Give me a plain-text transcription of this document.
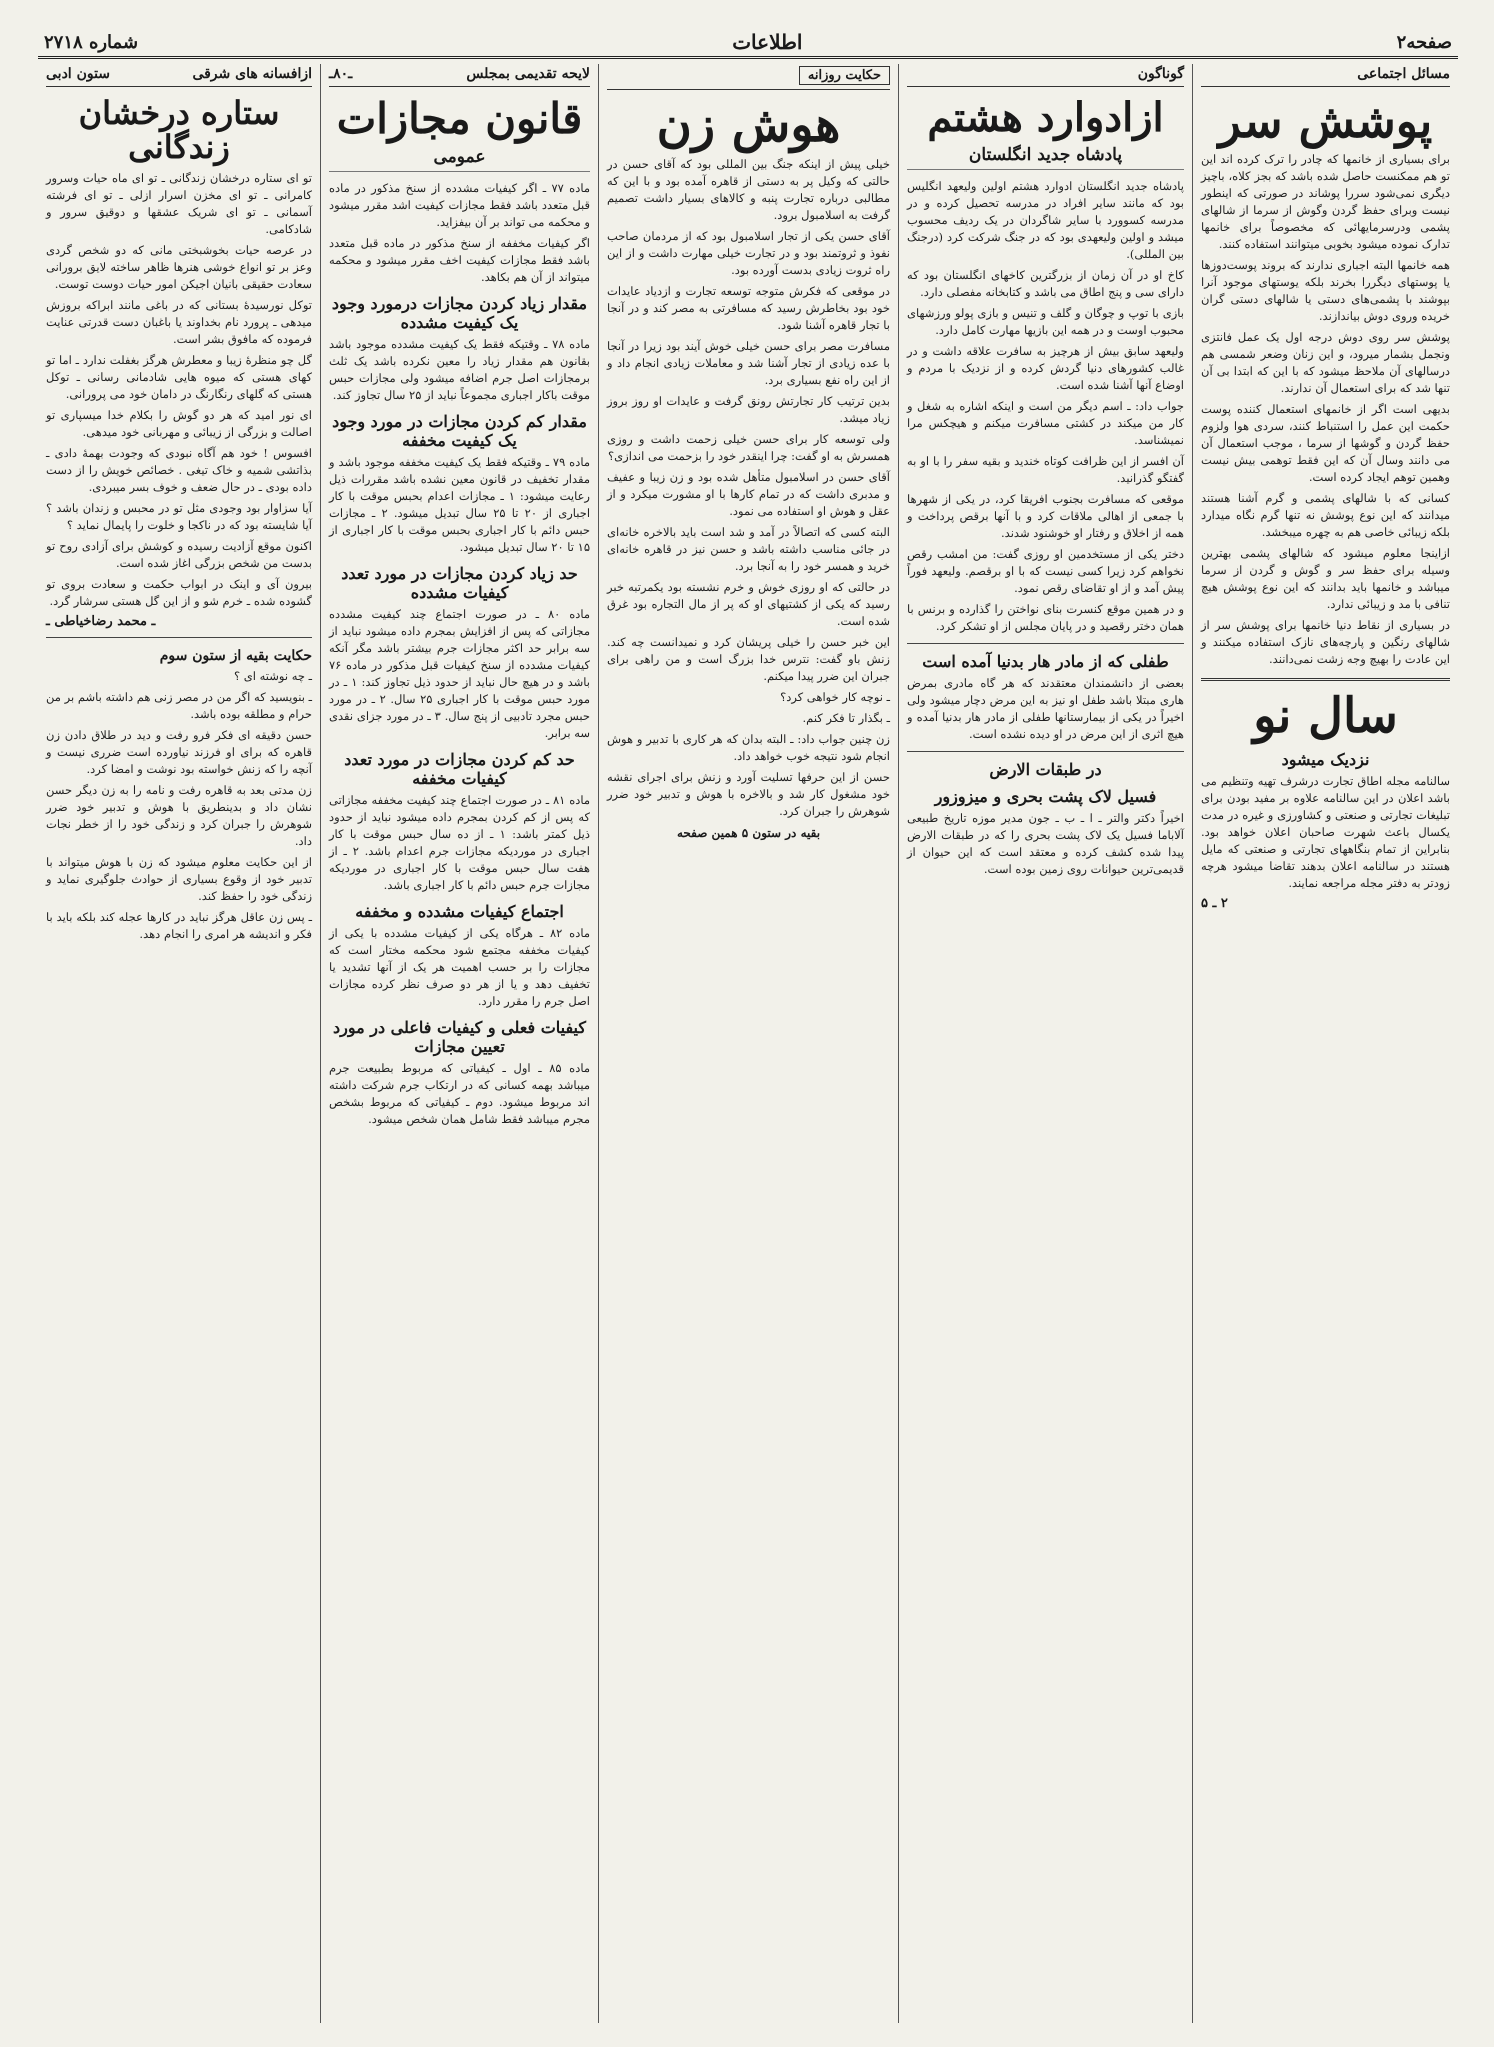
صفحه۲
اطلاعات
شماره ۲۷۱۸
مسائل اجتماعی
پوشش سر

برای بسیاری از خانمها که چادر را ترک کرده اند این تو هم ممکنست حاصل شده باشد که بجز کلاه، باچیز دیگری نمی‌شود سررا پوشاند در صورتی که اینطور نیست وبرای حفظ گردن وگوش از سرما از شالهای پشمی ودرسرمایهائی که مخصوصاً برای خانمها تدارک نموده میشود بخوبی میتوانند استفاده کنند.

همه خانمها البته اجباری ندارند که بروند پوست‌دوزها یا پوستهای دیگررا بخرند بلکه یوستهای موجود آنرا بپوشند با پشمی‌های دستی یا شالهای دستی گران خریده وروی دوش بیاندازند.

پوشش سر روی دوش درجه اول یک عمل فانتزی ونجمل بشمار میرود، و این زنان وضعر شمسی هم درسالهای آن ملاحظ میشود که با این که ابتدا بی آن تنها شد که برای استعمال آن ندارند.

بدیهی است اگر از خانمهای استعمال کننده پوست حکمت این عمل را استنباط کنند، سردی هوا ولزوم حفظ گردن و گوشها از سرما ، موجب استعمال آن می دانند وسال آن که این فقط توهمی بیش نیست وهمین توهم ایجاد کرده است.

کسانی که با شالهای پشمی و گرم آشنا هستند میدانند که این نوع پوشش نه تنها گرم نگاه میدارد بلکه زیبائی خاصی هم به چهره میبخشد.

ازاینجا معلوم میشود که شالهای پشمی بهترین وسیله برای حفظ سر و گوش و گردن از سرما میباشد و خانمها باید بدانند که این نوع پوشش هیچ تنافی با مد و زیبائی ندارد.

در بسیاری از نقاط دنیا خانمها برای پوشش سر از شالهای رنگین و پارچه‌های نازک استفاده میکنند و این عادت را بهیچ وجه زشت نمی‌دانند.

سال نو
نزدیک میشود

سالنامه مجله اطاق تجارت درشرف تهیه وتنظیم می باشد اعلان در این سالنامه علاوه بر مفید بودن برای تبلیغات تجارتی و صنعتی و کشاورزی و غیره در مدت یکسال باعث شهرت صاحبان اعلان خواهد بود. بنابراین از تمام بنگاههای تجارتی و صنعتی که مایل هستند در سالنامه اعلان بدهند تقاضا میشود هرچه زودتر به دفتر مجله مراجعه نمایند.

۲ ـ ۵
گوناگون
ازادوارد هشتم
پادشاه جدید انگلستان

پادشاه جدید انگلستان ادوارد هشتم اولین ولیعهد انگلیس بود که مانند سایر افراد در مدرسه تحصیل کرده و در مدرسه کسوورد با سایر شاگردان در یک ردیف محسوب میشد و اولین ولیعهدی بود که در جنگ شرکت کرد (درجنگ بین المللی).

کاخ او در آن زمان از بزرگترین کاخهای انگلستان بود که دارای سی و پنج اطاق می باشد و کتابخانه مفصلی دارد.

بازی با توپ و چوگان و گلف و تنیس و بازی پولو ورزشهای محبوب اوست و در همه این بازیها مهارت کامل دارد.

ولیعهد سابق بیش از هرچیز به سافرت علاقه داشت و در غالب کشورهای دنیا گردش کرده و از نزدیک با مردم و اوضاع آنها آشنا شده است.

جواب داد: ـ اسم دیگر من است و اینکه اشاره به شغل و کار من میکند در کشتی مسافرت میکنم و هیچکس مرا نمیشناسد.

آن افسر از این ظرافت کوتاه خندید و بقیه سفر را با او به گفتگو گذرانید.

موقعی که مسافرت بجنوب افریقا کرد، در یکی از شهرها با جمعی از اهالی ملاقات کرد و با آنها برقص پرداخت و همه از اخلاق و رفتار او خوشنود شدند.

دختر یکی از مستخدمین او روزی گفت: من امشب رقص نخواهم کرد زیرا کسی نیست که با او برقصم. ولیعهد فوراً پیش آمد و از او تقاضای رقص نمود.

و در همین موقع کنسرت بنای نواختن را گذارده و برنس با همان دختر رقصید و در پایان مجلس از او تشکر کرد.

طفلی که از مادر هار بدنیا آمده است

بعضی از دانشمندان معتقدند که هر گاه مادری بمرض هاری مبتلا باشد طفل او نیز به این مرض دچار میشود ولی اخیراً در یکی از بیمارستانها طفلی از مادر هار بدنیا آمده و هیچ اثری از این مرض در او دیده نشده است.

در طبقات الارض
فسیل لاک پشت بحری و میزوزور

اخیراً دکتر والتر ـ ا ـ ب ـ جون مدیر موزه تاریخ طبیعی آلاباما فسیل یک لاک پشت بحری را که در طبقات الارض پیدا شده کشف کرده و معتقد است که این حیوان از قدیمی‌ترین حیوانات روی زمین بوده است.

حکایت روزانه
هوش زن

خیلی پیش از اینکه جنگ بین المللی بود که آقای حسن در حالتی که وکیل پر به دستی از قاهره آمده بود و با این که مطالبی درباره تجارت پنبه و کالاهای بسیار داشت تصمیم گرفت به اسلامبول برود.

آقای حسن یکی از تجار اسلامبول بود که از مردمان صاحب نفوذ و ثروتمند بود و در تجارت خیلی مهارت داشت و از این راه ثروت زیادی بدست آورده بود.

در موقعی که فکرش متوجه توسعه تجارت و ازدیاد عایدات خود بود بخاطرش رسید که مسافرتی به مصر کند و در آنجا با تجار قاهره آشنا شود.

مسافرت مصر برای حسن خیلی خوش آیند بود زیرا در آنجا با عده زیادی از تجار آشنا شد و معاملات زیادی انجام داد و از این راه نفع بسیاری برد.

بدین ترتیب کار تجارتش رونق گرفت و عایدات او روز بروز زیاد میشد.

ولی توسعه کار برای حسن خیلی زحمت داشت و روزی همسرش به او گفت: چرا اینقدر خود را بزحمت می اندازی؟

آقای حسن در اسلامبول متأهل شده بود و زن زیبا و عفیف و مدبری داشت که در تمام کارها با او مشورت میکرد و از عقل و هوش او استفاده می نمود.

البته کسی که اتصالاً در آمد و شد است باید بالاخره خانه‌ای در جائی مناسب داشته باشد و حسن نیز در قاهره خانه‌ای خرید و همسر خود را به آنجا برد.

در حالتی که او روزی خوش و خرم نشسته بود یکمرتبه خبر رسید که یکی از کشتیهای او که پر از مال التجاره بود غرق شده است.

این خبر حسن را خیلی پریشان کرد و نمیدانست چه کند. زنش باو گفت: نترس خدا بزرگ است و من راهی برای جبران این ضرر پیدا میکنم.

ـ نوچه کار خواهی کرد؟

ـ بگذار تا فکر کنم.

زن چنین جواب داد: ـ البته بدان که هر کاری با تدبیر و هوش انجام شود نتیجه خوب خواهد داد.

حسن از این حرفها تسلیت آورد و زنش برای اجرای نقشه خود مشغول کار شد و بالاخره با هوش و تدبیر خود ضرر شوهرش را جبران کرد.

بقیه در ستون ۵ همین صفحه
لایحه تقدیمی بمجلس
ـ۸۰ـ
قانون مجازات
عمومی

ماده ۷۷ ـ اگر کیفیات مشدده از سنخ مذکور در ماده قبل متعدد باشد فقط مجازات کیفیت اشد مقرر میشود و محکمه می تواند بر آن بیفزاید.

اگر کیفیات مخففه از سنخ مذکور در ماده قبل متعدد باشد فقط مجازات کیفیت اخف مقرر میشود و محکمه میتواند از آن هم بکاهد.

مقدار زیاد کردن مجازات درمورد وجود یک کیفیت مشدده

ماده ۷۸ ـ وقتیکه فقط یک کیفیت مشدده موجود باشد بقانون هم مقدار زیاد را معین نکرده باشد یک ثلث برمجازات اصل جرم اضافه میشود ولی مجازات حبس موقت باکار اجباری مجموعاً نباید از ۲۵ سال تجاوز کند.

مقدار کم کردن مجازات در مورد وجود یک کیفیت مخففه

ماده ۷۹ ـ وقتیکه فقط یک کیفیت مخففه موجود باشد و مقدار تخفیف در قانون معین نشده باشد مقررات ذیل رعایت میشود: ۱ ـ مجازات اعدام بحبس موقت با کار اجباری از ۲۰ تا ۲۵ سال تبدیل میشود. ۲ ـ مجازات حبس دائم با کار اجباری بحبس موقت با کار اجباری از ۱۵ تا ۲۰ سال تبدیل میشود.

حد زیاد کردن مجازات در مورد تعدد کیفیات مشدده

ماده ۸۰ ـ در صورت اجتماع چند کیفیت مشدده مجازاتی که پس از افزایش بمجرم داده میشود نباید از سه برابر حد اکثر مجازات جرم بیشتر باشد مگر آنکه کیفیات مشدده از سنخ کیفیات قبل مذکور در ماده ۷۶ باشد و در هیچ حال نباید از حدود ذیل تجاوز کند: ۱ ـ در مورد حبس موقت با کار اجباری ۲۵ سال. ۲ ـ در مورد حبس مجرد تادبیی از پنج سال. ۳ ـ در مورد جزای نقدی سه برابر.

حد کم کردن مجازات در مورد تعدد کیفیات مخففه

ماده ۸۱ ـ در صورت اجتماع چند کیفیت مخففه مجازاتی که پس از کم کردن بمجرم داده میشود نباید از حدود ذیل کمتر باشد: ۱ ـ از ده سال حبس موقت با کار اجباری در موردیکه مجازات جرم اعدام باشد. ۲ ـ از هفت سال حبس موقت با کار اجباری در موردیکه مجازات جرم حبس دائم با کار اجباری باشد.

اجتماع کیفیات مشدده و مخففه

ماده ۸۲ ـ هرگاه یکی از کیفیات مشدده با یکی از کیفیات مخففه مجتمع شود محکمه مختار است که مجازات را بر حسب اهمیت هر یک از آنها تشدید یا تخفیف دهد و یا از هر دو صرف نظر کرده مجازات اصل جرم را مقرر دارد.

کیفیات فعلی و کیفیات فاعلی در مورد تعیین مجازات

ماده ۸۵ ـ اول ـ کیفیاتی که مربوط بطبیعت جرم میباشد بهمه کسانی که در ارتکاب جرم شرکت داشته اند مربوط میشود. دوم ـ کیفیاتی که مربوط بشخص مجرم میباشد فقط شامل همان شخص میشود.

ازافسانه های شرقی
ستون ادبی
ستاره درخشان زندگانی

تو ای ستاره درخشان زندگانی ـ تو ای ماه حیات وسرور کامرانی ـ تو ای مخزن اسرار ازلی ـ تو ای فرشته آسمانی ـ تو ای شریک عشقها و دوقیق سرور و شادکامی.

در عرصه حیات بخوشبختی مانی که دو شخص گردی وعز بر تو انواع خوشی هنرها ظاهر ساخته لایق برورانی سعادت حقیقی بانیان اجیکن امور حیات دوست توست.

توکل نورسیدهٔ بستانی که در باغی مانند ابراکه بروزش میدهی ـ پرورد نام بخداوند یا باغبان دست قدرتی عنایت فرموده که مافوق بشر است.

گل چو منظرهٔ زیبا و معطرش هرگز بغفلت ندارد ـ اما تو کهای هستی که میوه هایی شادمانی رسانی ـ توکل هستی که گلهای رنگارنگ در دامان خود می پرورانی.

ای نور امید که هر دو گوش را بکلام خدا میسپاری تو اصالت و بزرگی از زیبائی و مهربانی خود میدهی.

افسوس ! خود هم آگاه نبودی که وجودت بهمهٔ دادی ـ بذاتشی شمیه و خاک تیغی . خصائص خویش را از دست داده بودی ـ در حال ضعف و خوف بسر میبردی.

آیا سزاوار بود وجودی مثل تو در محبس و زندان باشد ؟ آیا شایسته بود که در ناکجا و خلوت را پایمال نماید ؟

اکنون موقع آزادیت رسیده و کوشش برای آزادی روح تو بدست من شخص بزرگی اغاز شده است.

بیرون آی و اینک در ابواب حکمت و سعادت بروی تو گشوده شده ـ خرم شو و از این گل هستی سرشار گرد.

ـ محمد رضاخیاطی ـ
حکایت بقیه از ستون سوم

ـ چه نوشته ای ؟

ـ بنویسید که اگر من در مصر زنی هم داشته باشم بر من حرام و مطلقه بوده باشد.

حسن دقیقه ای فکر فرو رفت و دید در طلاق دادن زن قاهره که برای او فرزند نیاورده است ضرری نیست و آنچه را که زنش خواسته بود نوشت و امضا کرد.

زن مدتی بعد به قاهره رفت و نامه را به زن دیگر حسن نشان داد و بدینطریق با هوش و تدبیر خود ضرر شوهرش را جبران کرد و زندگی خود را از خطر نجات داد.

از این حکایت معلوم میشود که زن با هوش میتواند با تدبیر خود از وقوع بسیاری از حوادث جلوگیری نماید و زندگی خود را حفظ کند.

ـ پس زن عاقل هرگز نباید در کارها عجله کند بلکه باید با فکر و اندیشه هر امری را انجام دهد.
